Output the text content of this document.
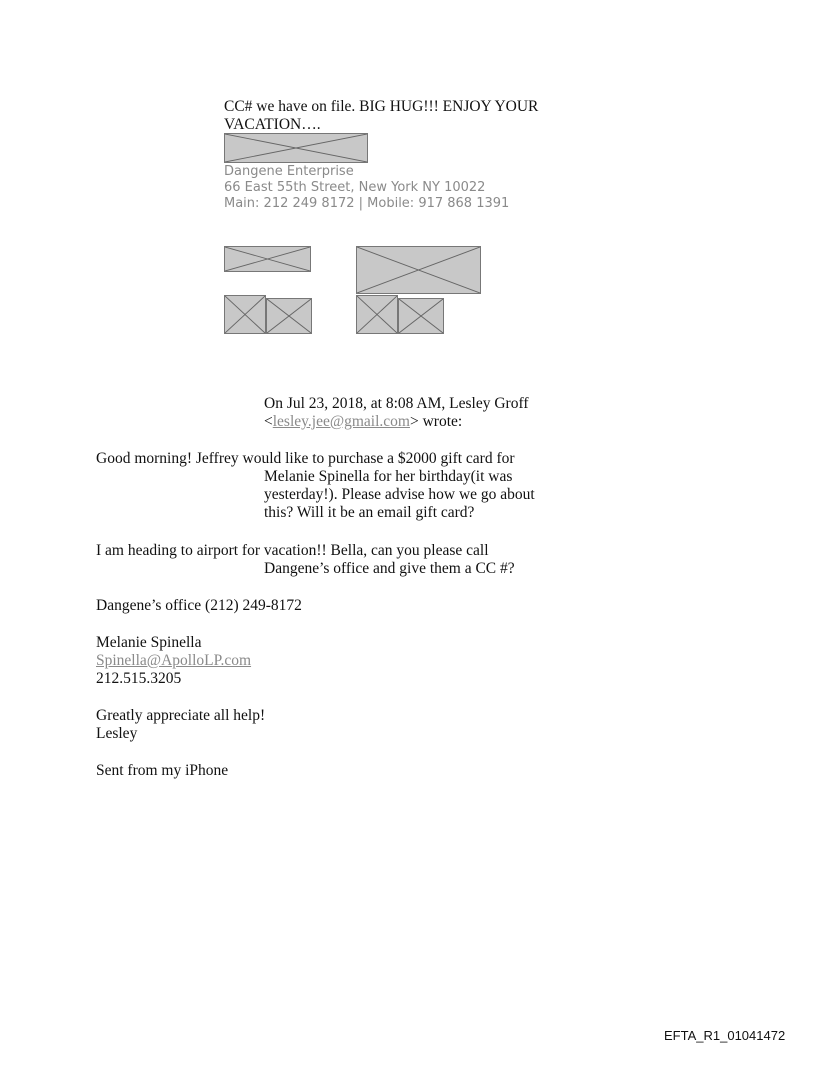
CC# we have on file. BIG HUG!!! ENJOY YOUR
VACATION….
Dangene Enterprise
66 East 55th Street, New York NY 10022
Main: 212 249 8172 | Mobile: 917 868 1391
On Jul 23, 2018, at 8:08 AM, Lesley Groff
<lesley.jee@gmail.com> wrote:
Good morning! Jeffrey would like to purchase a $2000 gift card for
Melanie Spinella for her birthday(it was
yesterday!). Please advise how we go about
this? Will it be an email gift card?
I am heading to airport for vacation!! Bella, can you please call
Dangene’s office and give them a CC #?
Dangene’s office (212) 249-8172
Melanie Spinella
Spinella@ApolloLP.com
212.515.3205
Greatly appreciate all help!
Lesley
Sent from my iPhone
EFTA_R1_01041472
